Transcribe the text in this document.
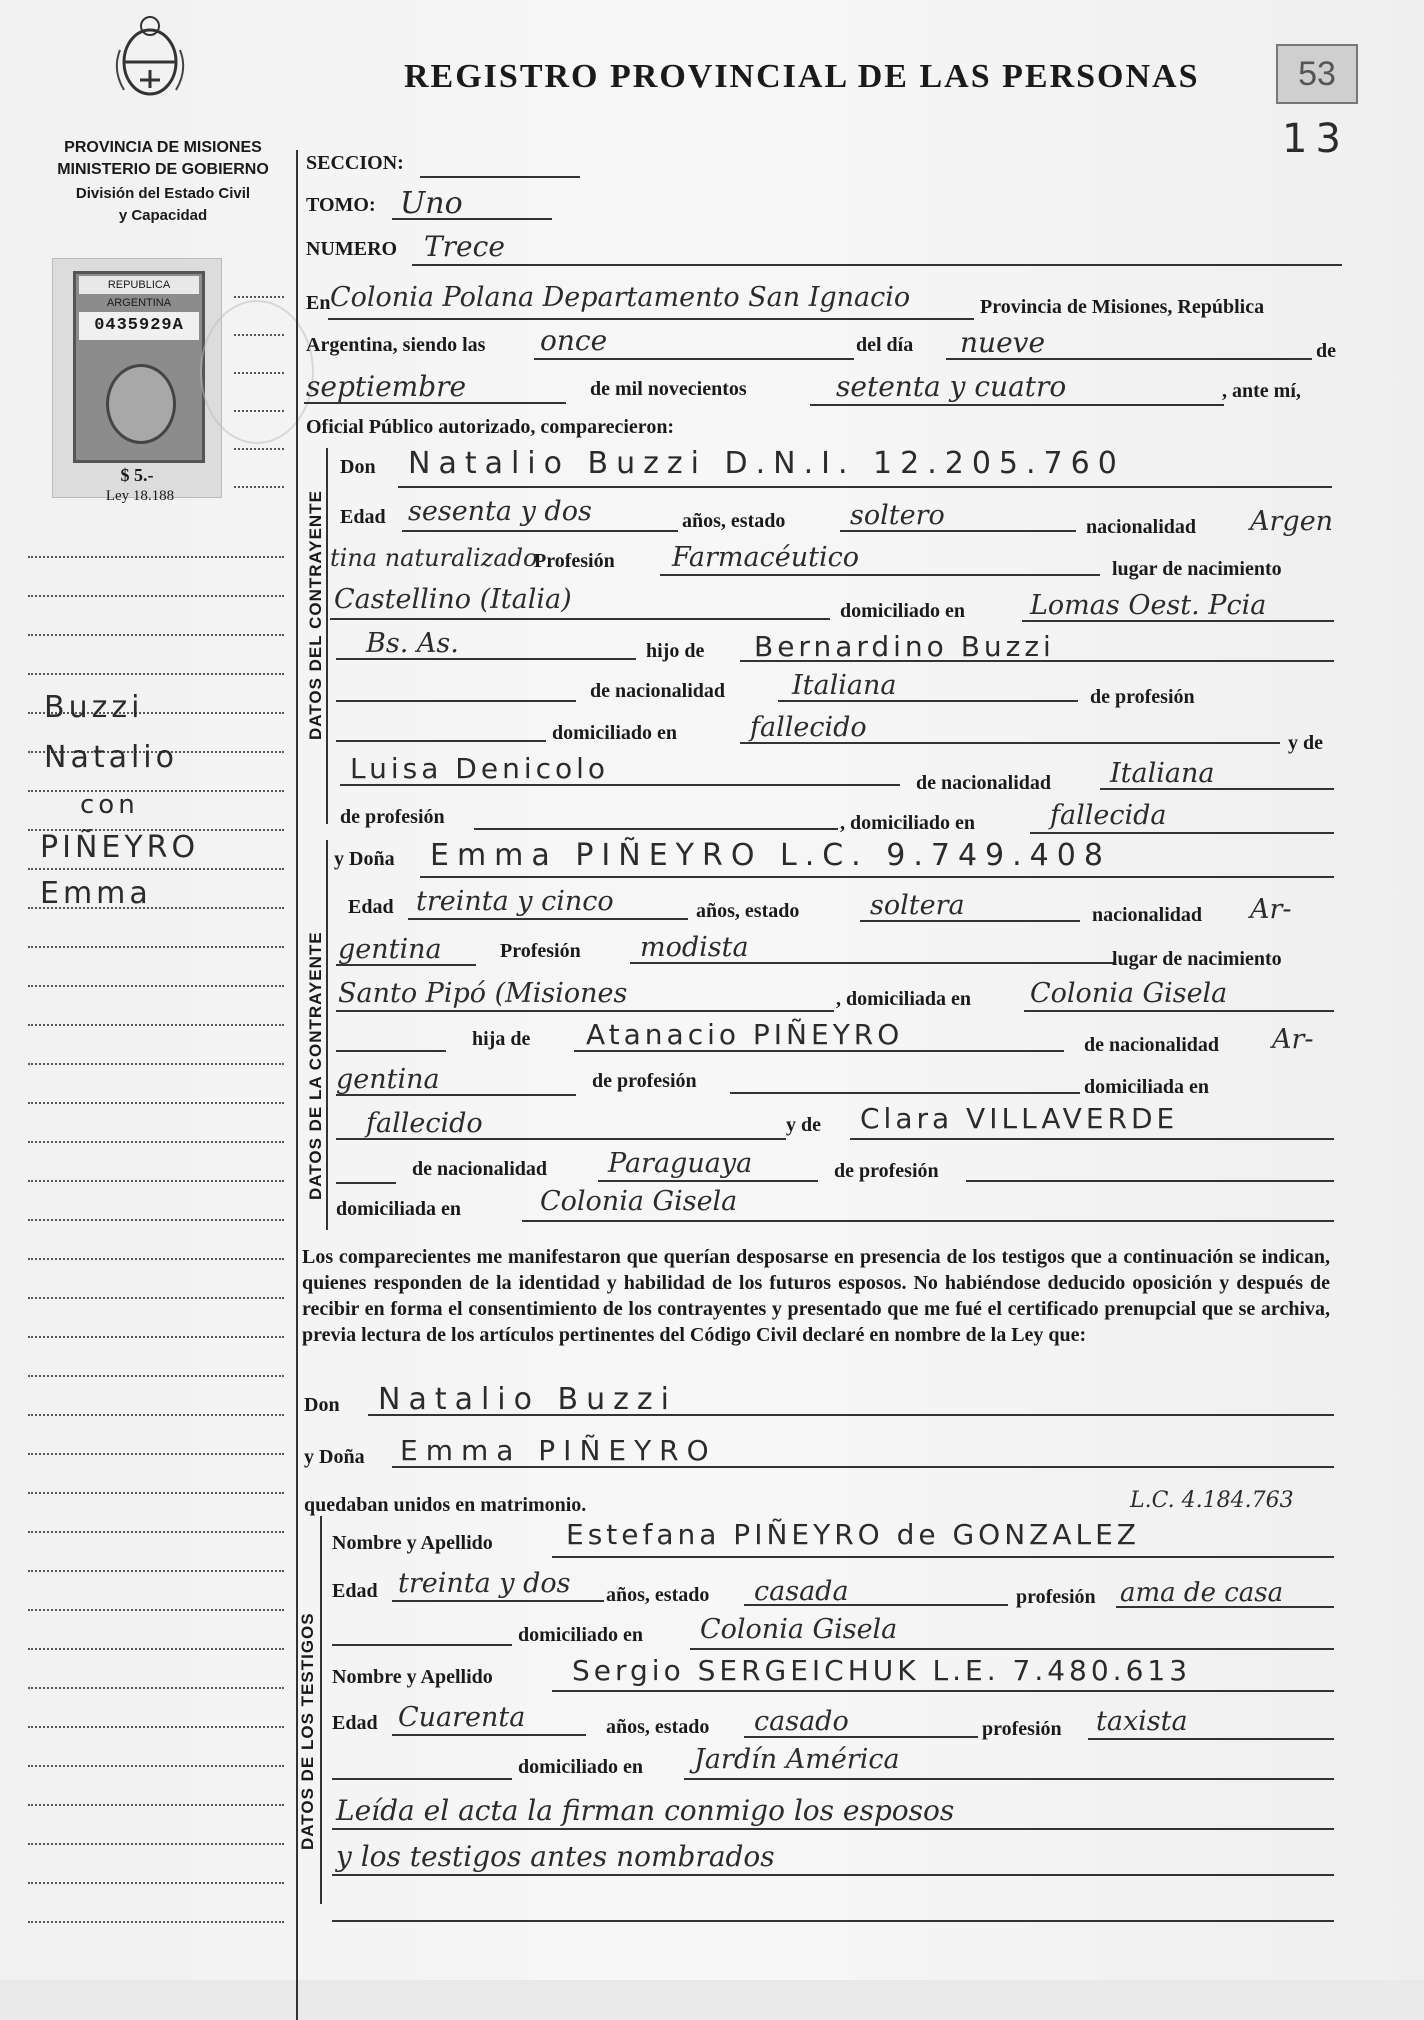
REGISTRO PROVINCIAL DE LAS PERSONAS	53
13
PROVINCIA DE MISIONES
MINISTERIO DE GOBIERNO
División del Estado Civil
y Capacidad
REPUBLICA ARGENTINA
0435929A
$ 5.-
Ley 18.188
Buzzi
Natalio
con
PIÑEYRO
Emma
SECCION:
TOMO: Uno
NUMERO Trece
En Colonia Polana Departamento San Ignacio	Provincia de Misiones, República
Argentina, siendo las once	del día nueve	de
septiembre	de mil novecientos	setenta y cuatro	, ante mí,
Oficial Público autorizado, comparecieron:
DATOS DEL CONTRAYENTE
Don Natalio Buzzi D.N.I. 12.205.760
Edad sesenta y dos	años, estado soltero	nacionalidad Argen
tina naturalizado
Profesión Farmacéutico	lugar de nacimiento
Castellino (Italia)	domiciliado en Lomas Oest. Pcia
Bs. As.	hijo de Bernardino Buzzi
de nacionalidad Italiana	de profesión
domiciliado en	fallecido	y de
Luisa Denicolo	de nacionalidad Italiana
de profesión	, domiciliado en	fallecida
DATOS DE LA CONTRAYENTE
y Doña Emma PIÑEYRO L.C. 9.749.408
Edad treinta y cinco	años, estado	soltera	nacionalidad Ar-
gentina	Profesión modista	lugar de nacimiento
Santo Pipó (Misiones	, domiciliada en Colonia Gisela
hija de Atanacio PIÑEYRO	de nacionalidad Ar-
gentina	de profesión	domiciliada en
fallecido	y de Clara VILLAVERDE
de nacionalidad Paraguaya	de profesión
domiciliada en	Colonia Gisela
Los comparecientes me manifestaron que querían desposarse en presencia de los testigos que a continuación se indican, quienes responden de la identidad y habilidad de los futuros esposos. No habiéndose deducido oposición y después de recibir en forma el consentimiento de los contrayentes y presentado que me fué el certificado prenupcial que se archiva, previa lectura de los artículos pertinentes del Código Civil declaré en nombre de la Ley que:
Don Natalio Buzzi
y Doña Emma PIÑEYRO
quedaban unidos en matrimonio.	L.C. 4.184.763
DATOS DE LOS TESTIGOS
Nombre y Apellido	Estefana PIÑEYRO de GONZALEZ
Edad treinta y dos años, estado casada	profesión ama de casa
domiciliado en Colonia Gisela
Nombre y Apellido	Sergio SERGEICHUK L.E. 7.480.613
Edad Cuarenta	años, estado casado	profesión taxista
domiciliado en Jardín América
Leída el acta la firman conmigo los esposos
y los testigos antes nombrados
